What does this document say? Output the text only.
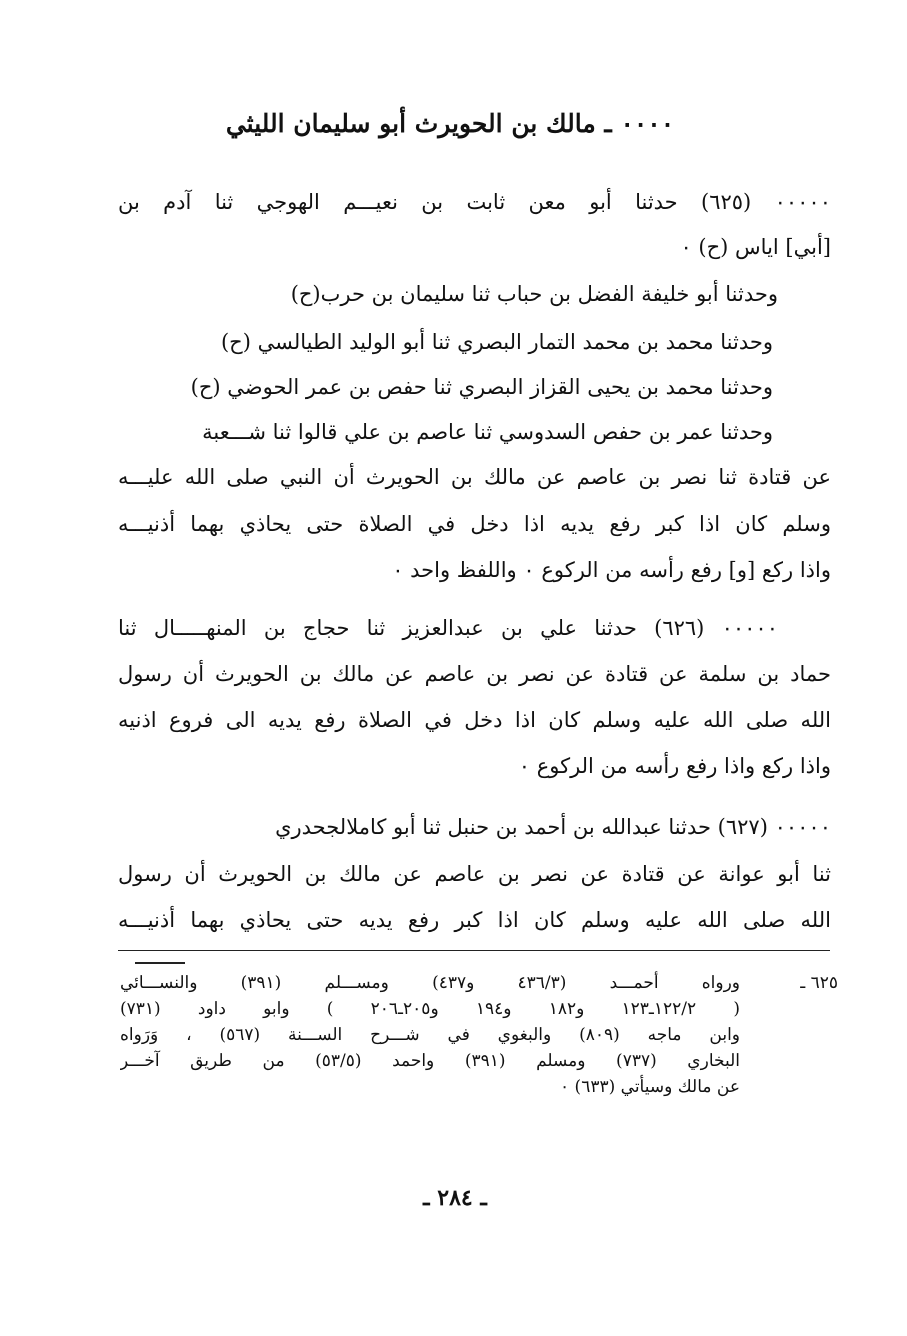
٠٠٠٠ ـ مالك بن الحويرث أبو سليمان الليثي
٠٠٠٠٠ (٦٢٥) حدثنا أبو معن ثابت بن نعيـــم الهوجي ثنا آدم بن
[أبي] اياس (ح) ٠
وحدثنا أبو خليفة الفضل بن حباب ثنا سليمان بن حرب(ح)
وحدثنا محمد بن محمد التمار البصري ثنا أبو الوليد الطيالسي (ح)
وحدثنا محمد بن يحيى القزاز البصري ثنا حفص بن عمر الحوضي (ح)
وحدثنا عمر بن حفص السدوسي ثنا عاصم بن علي قالوا ثنا شـــعبة
عن قتادة ثنا نصر بن عاصم عن مالك بن الحويرث أن النبي صلى الله عليـــه
وسلم كان اذا كبر رفع يديه اذا دخل في الصلاة حتى يحاذي بهما أذنيـــه
واذا ركع [و] رفع رأسه من الركوع ٠ واللفظ واحد ٠
٠٠٠٠٠ (٦٢٦) حدثنا علي بن عبدالعزيز ثنا حجاج بن المنهـــــال ثنا
حماد بن سلمة عن قتادة عن نصر بن عاصم عن مالك بن الحويرث أن رسول
الله صلى الله عليه وسلم كان اذا دخل في الصلاة رفع يديه الى فروع اذنيه
واذا ركع واذا رفع رأسه من الركوع ٠
٠٠٠٠٠ (٦٢٧) حدثنا عبدالله بن أحمد بن حنبل ثنا أبو كاملالجحدري
ثنا أبو عوانة عن قتادة عن نصر بن عاصم عن مالك بن الحويرث أن رسول
الله صلى الله عليه وسلم كان اذا كبر رفع يديه حتى يحاذي بهما أذنيـــه
٦٢٥ ـ
ورواه أحمـــد (٤٣٦/٣ و٤٣٧) ومســـلم (٣٩١) والنســـائي
( ١٢٢/٢ـ١٢٣ و١٨٢ و١٩٤ و٢٠٥ـ٢٠٦ ) وابو داود (٧٣١)
وابن ماجه (٨٠٩) والبغوي في شـــرح الســـنة (٥٦٧) ، وَرَواه
البخاري (٧٣٧) ومسلم (٣٩١) واحمد (٥٣/٥) من طريق آخـــر
عن مالك وسيأتي (٦٣٣) ٠
ـ ٢٨٤ ـ
